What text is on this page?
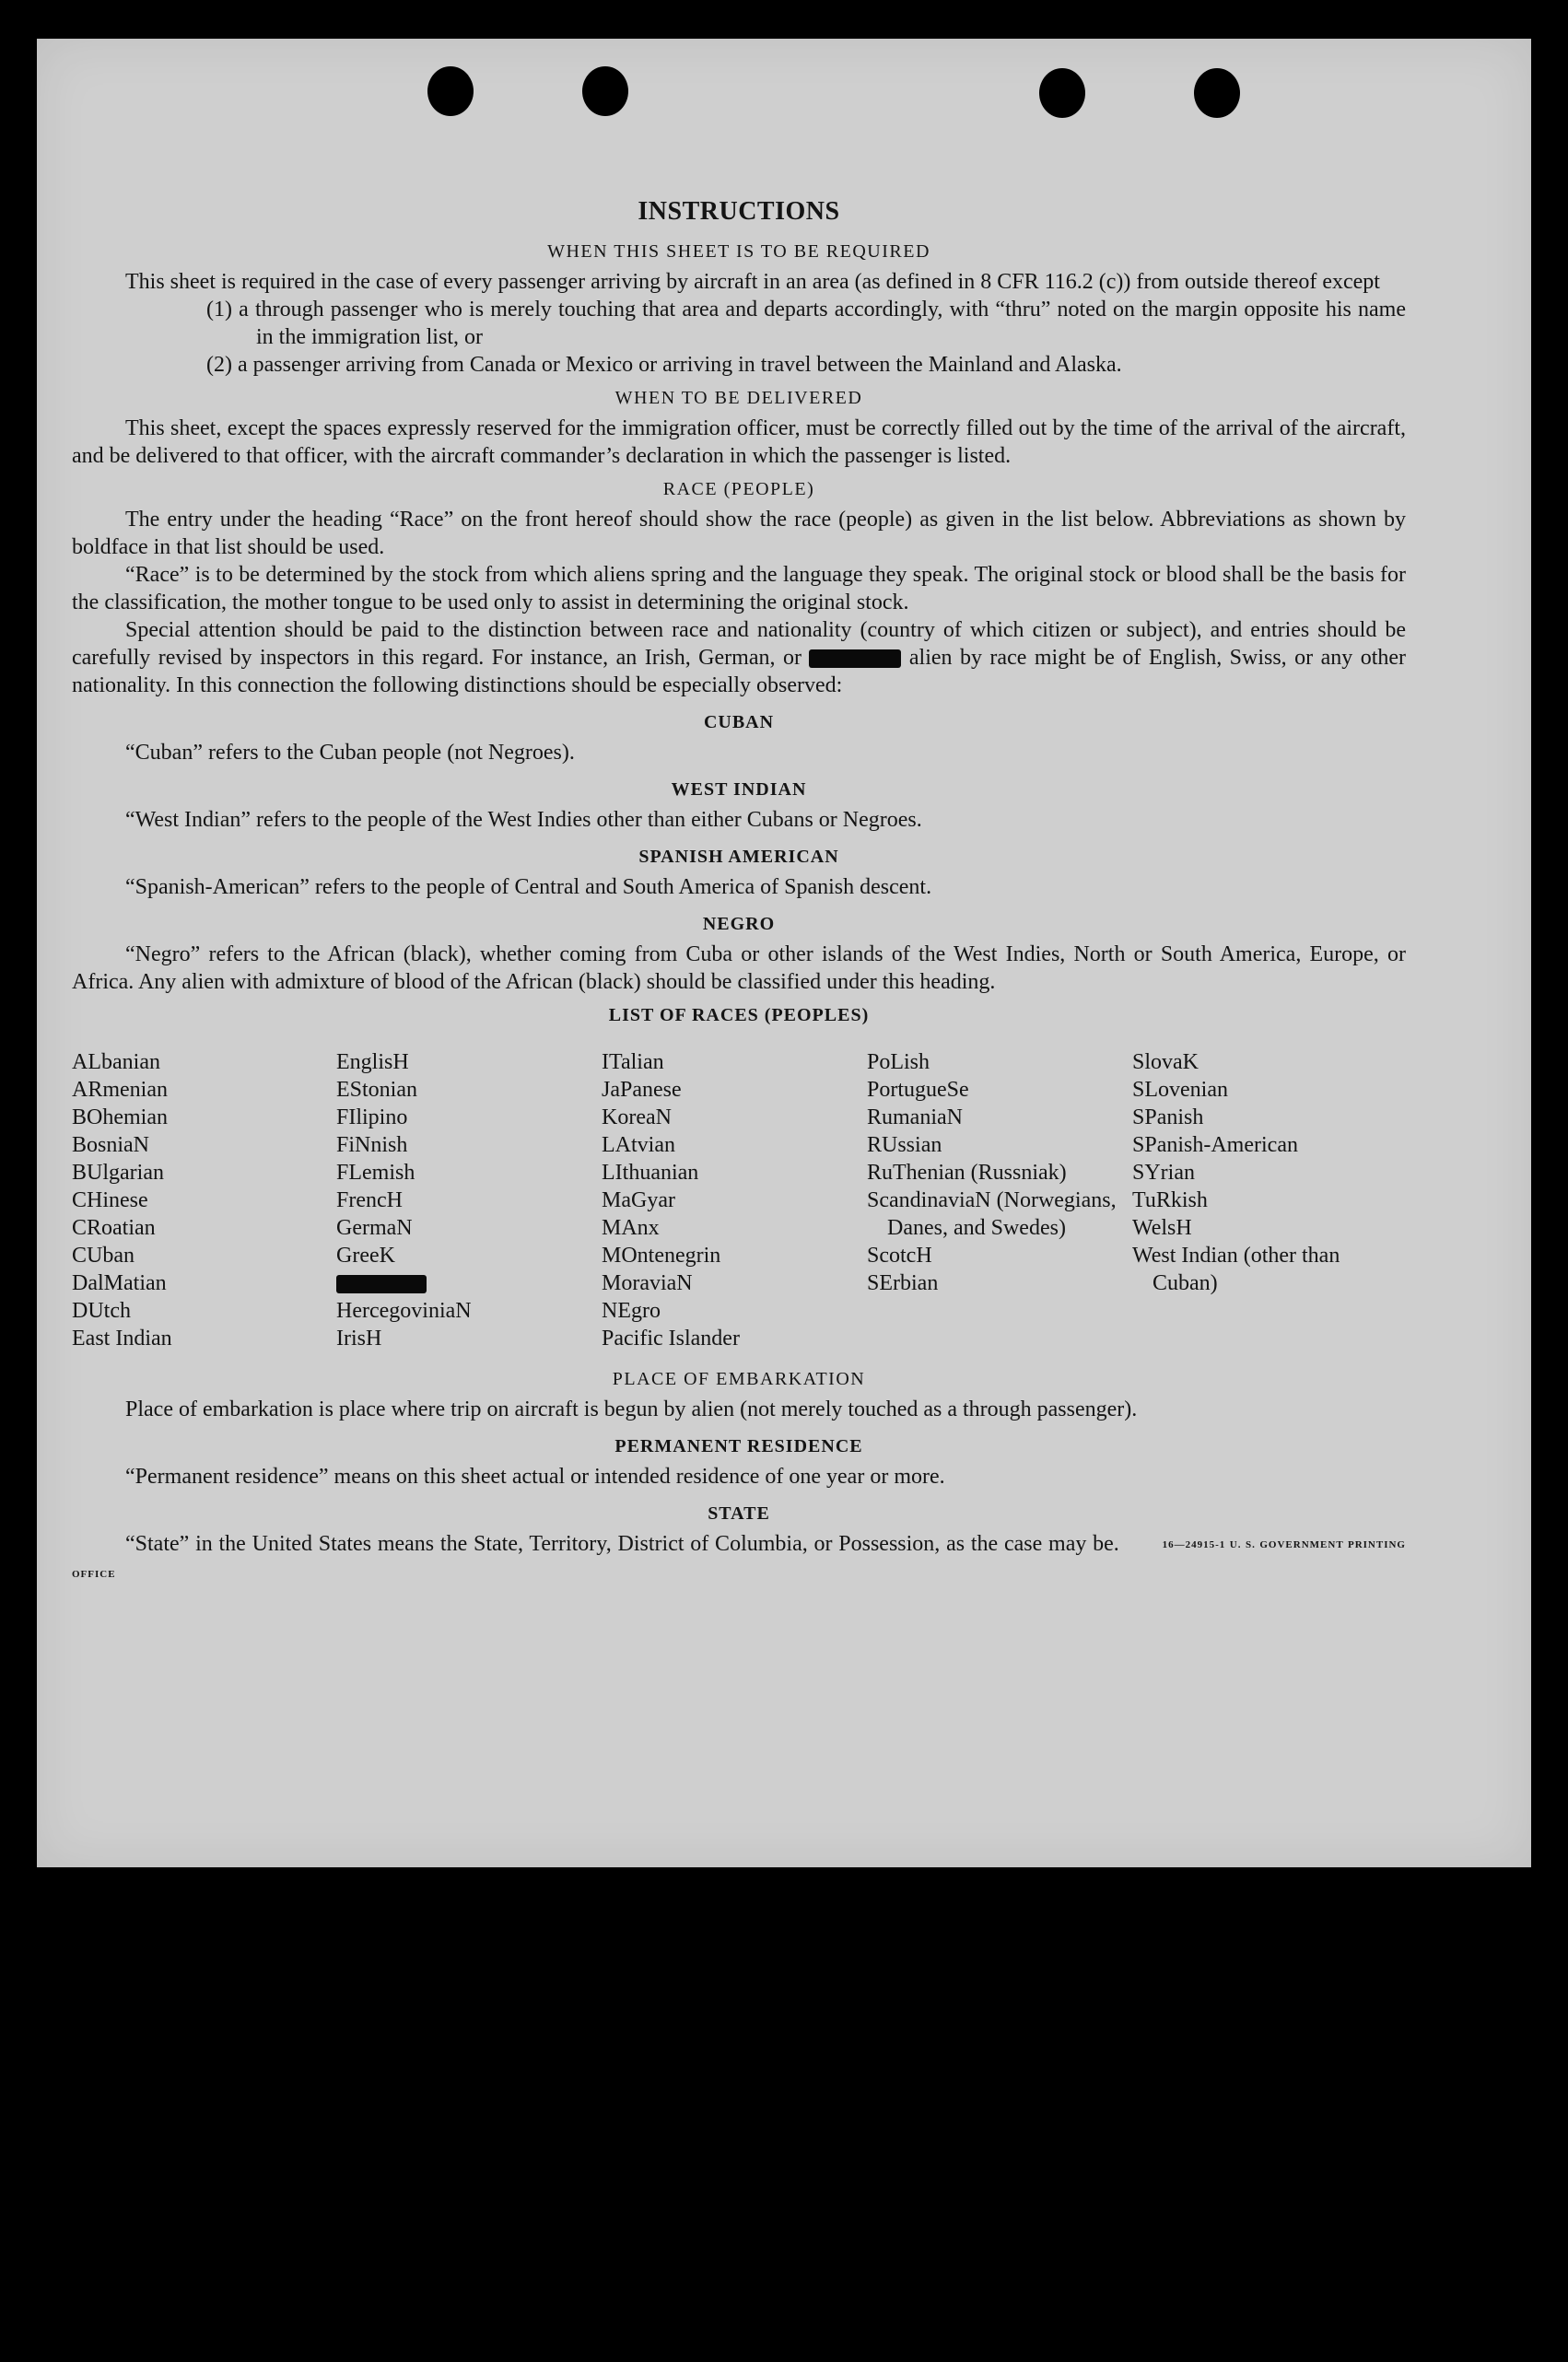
INSTRUCTIONS
WHEN THIS SHEET IS TO BE REQUIRED

This sheet is required in the case of every passenger arriving by aircraft in an area (as defined in 8 CFR 116.2 (c)) from outside thereof except

(1) a through passenger who is merely touching that area and departs accordingly, with “thru” noted on the margin opposite his name in the immigration list, or
(2) a passenger arriving from Canada or Mexico or arriving in travel between the Mainland and Alaska.
WHEN TO BE DELIVERED

This sheet, except the spaces expressly reserved for the immigration officer, must be correctly filled out by the time of the arrival of the aircraft, and be delivered to that officer, with the aircraft commander’s declaration in which the passenger is listed.

RACE (PEOPLE)

The entry under the heading “Race” on the front hereof should show the race (people) as given in the list below. Abbreviations as shown by boldface in that list should be used.

“Race” is to be determined by the stock from which aliens spring and the language they speak. The original stock or blood shall be the basis for the classification, the mother tongue to be used only to assist in determining the original stock.

Special attention should be paid to the distinction between race and nationality (country of which citizen or subject), and entries should be carefully revised by inspectors in this regard. For instance, an Irish, German, or	alien by race might be of English, Swiss, or any other nationality. In this connection the following distinctions should be especially observed:

CUBAN

“Cuban” refers to the Cuban people (not Negroes).

WEST INDIAN

“West Indian” refers to the people of the West Indies other than either Cubans or Negroes.

SPANISH AMERICAN

“Spanish-American” refers to the people of Central and South America of Spanish descent.

NEGRO

“Negro” refers to the African (black), whether coming from Cuba or other islands of the West Indies, North or South America, Europe, or Africa. Any alien with admixture of blood of the African (black) should be classified under this heading.

LIST OF RACES (PEOPLES)
ALbanian
ARmenian
BOhemian
BosniaN
BUlgarian
CHinese
CRoatian
CUban
DalMatian
DUtch
East Indian
EnglisH
EStonian
FIlipino
FiNnish
FLemish
FrencH
GermaN
GreeK
HercegoviniaN
IrisH
ITalian
JaPanese
KoreaN
LAtvian
LIthuanian
MaGyar
MAnx
MOntenegrin
MoraviaN
NEgro
Pacific Islander
PoLish
PortugueSe
RumaniaN
RUssian
RuThenian (Russniak)
ScandinaviaN (Norwegians, Danes, and Swedes)
ScotcH
SErbian
SlovaK
SLovenian
SPanish
SPanish-American
SYrian
TuRkish
WelsH
West Indian (other than Cuban)
PLACE OF EMBARKATION

Place of embarkation is place where trip on aircraft is begun by alien (not merely touched as a through passenger).

PERMANENT RESIDENCE

“Permanent residence” means on this sheet actual or intended residence of one year or more.

STATE

“State” in the United States means the State, Territory, District of Columbia, or Possession, as the case may be.	16—24915-1 U. S. GOVERNMENT PRINTING OFFICE
